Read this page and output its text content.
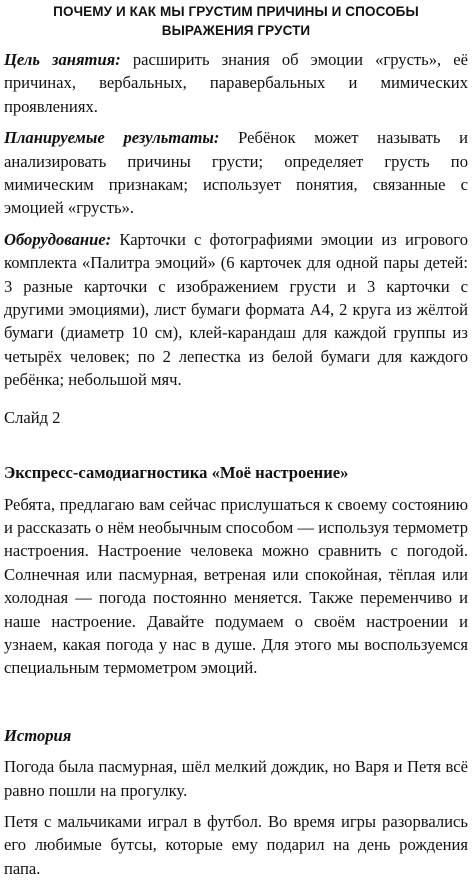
ПОЧЕМУ И КАК МЫ ГРУСТИМ ПРИЧИНЫ И СПОСОБЫ
ВЫРАЖЕНИЯ ГРУСТИ

Цель занятия: расширить знания об эмоции «грусть», её причинах, вербальных, паравербальных и мимических проявлениях.

Планируемые результаты: Ребёнок может называть и анализировать причины грусти; определяет грусть по мимическим признакам; использует понятия, связанные с эмоцией «грусть».

Оборудование: Карточки с фотографиями эмоции из игрового комплекта «Палитра эмоций» (6 карточек для одной пары детей: 3 разные карточки с изображением грусти и 3 карточки с другими эмоциями), лист бумаги формата А4, 2 круга из жёлтой бумаги (диаметр 10 см), клей-карандаш для каждой группы из четырёх человек; по 2 лепестка из белой бумаги для каждого ребёнка; небольшой мяч.

Слайд 2

Экспресс-самодиагностика «Моё настроение»

Ребята, предлагаю вам сейчас прислушаться к своему состоянию и рассказать о нём необычным способом — используя термометр настроения. Настроение человека можно сравнить с погодой. Солнечная или пасмурная, ветреная или спокойная, тёплая или холодная — погода постоянно меняется. Также переменчиво и наше настроение. Давайте подумаем о своём настроении и узнаем, какая погода у нас в душе. Для этого мы воспользуемся специальным термометром эмоций.

История

Погода была пасмурная, шёл мелкий дождик, но Варя и Петя всё равно пошли на прогулку.

Петя с мальчиками играл в футбол. Во время игры разорвались его любимые бутсы, которые ему подарил на день рождения папа.
